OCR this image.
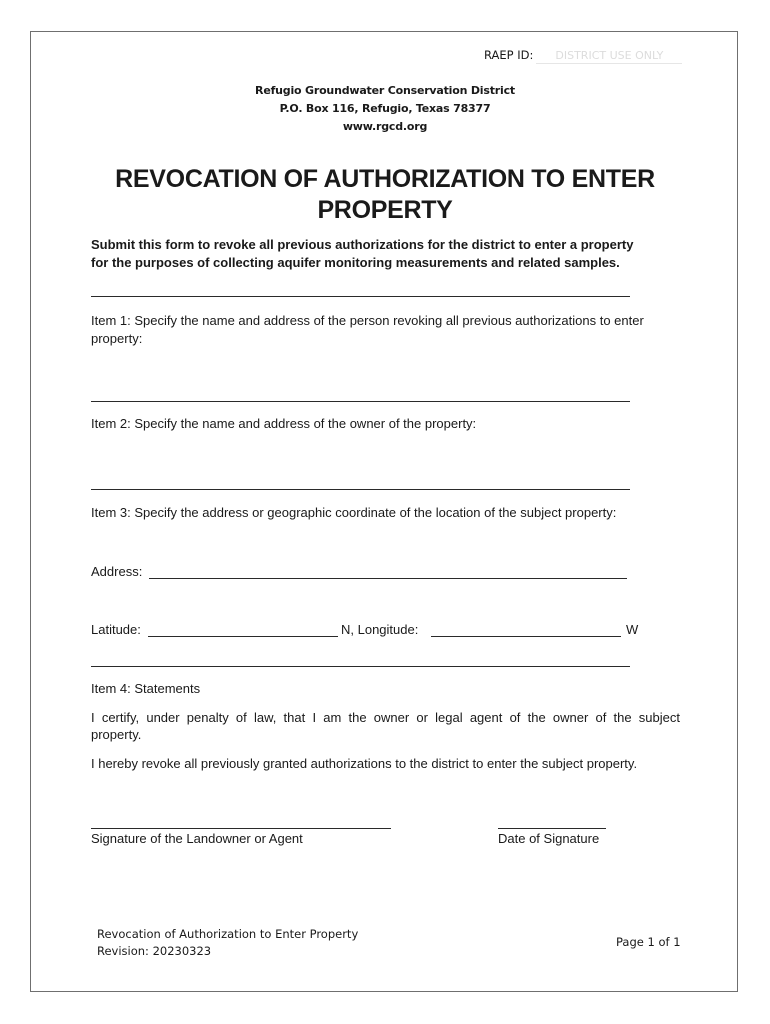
RAEP ID: DISTRICT USE ONLY
Refugio Groundwater Conservation District
P.O. Box 116, Refugio, Texas 78377
www.rgcd.org
REVOCATION OF AUTHORIZATION TO ENTER
PROPERTY
Submit this form to revoke all previous authorizations for the district to enter a property
for the purposes of collecting aquifer monitoring measurements and related samples.
Item 1: Specify the name and address of the person revoking all previous authorizations to enter
property:
Item 2: Specify the name and address of the owner of the property:
Item 3: Specify the address or geographic coordinate of the location of the subject property:
Address:
Latitude:	N, Longitude:	W
Item 4: Statements
I certify, under penalty of law, that I am the owner or legal agent of the owner of the subject
property.
I hereby revoke all previously granted authorizations to the district to enter the subject property.
Signature of the Landowner or Agent	Date of Signature
Revocation of Authorization to Enter Property
Revision: 20230323
Page 1 of 1
